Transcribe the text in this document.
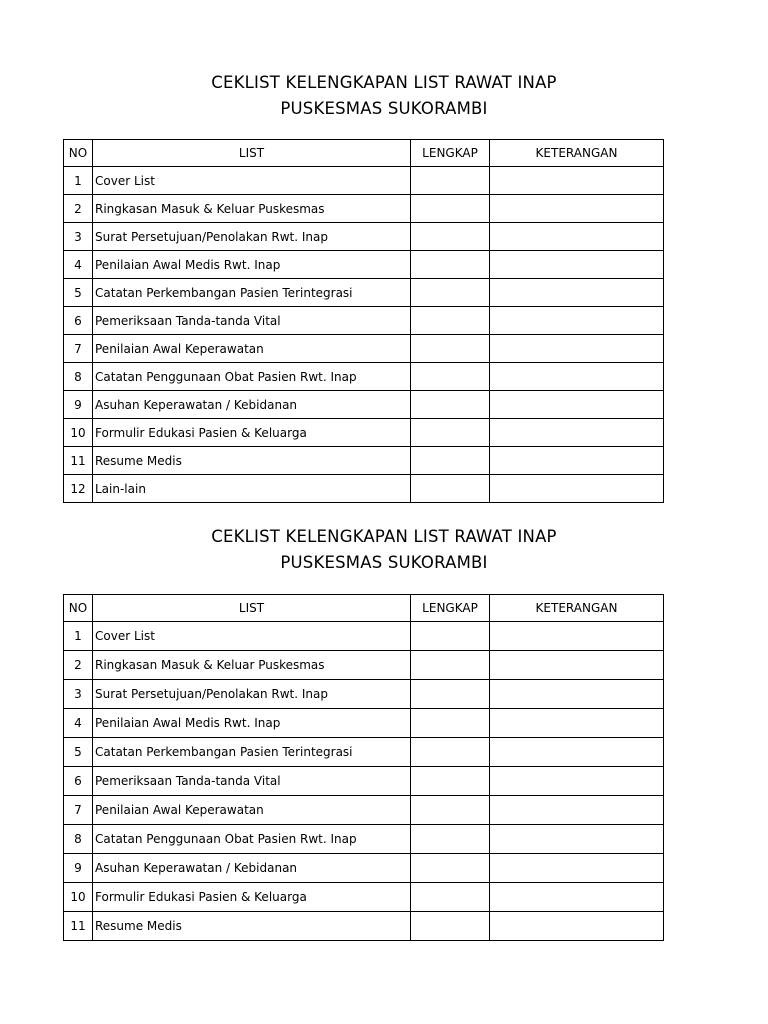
CEKLIST KELENGKAPAN LIST RAWAT INAP
PUSKESMAS SUKORAMBI
NO	LIST	LENGKAP	KETERANGAN
1	Cover List		
2	Ringkasan Masuk & Keluar Puskesmas		
3	Surat Persetujuan/Penolakan Rwt. Inap		
4	Penilaian Awal Medis Rwt. Inap		
5	Catatan Perkembangan Pasien Terintegrasi		
6	Pemeriksaan Tanda-tanda Vital		
7	Penilaian Awal Keperawatan		
8	Catatan Penggunaan Obat Pasien Rwt. Inap		
9	Asuhan Keperawatan / Kebidanan		
10	Formulir Edukasi Pasien & Keluarga		
11	Resume Medis		
12	Lain-lain		
CEKLIST KELENGKAPAN LIST RAWAT INAP
PUSKESMAS SUKORAMBI
NO	LIST	LENGKAP	KETERANGAN
1	Cover List		
2	Ringkasan Masuk & Keluar Puskesmas		
3	Surat Persetujuan/Penolakan Rwt. Inap		
4	Penilaian Awal Medis Rwt. Inap		
5	Catatan Perkembangan Pasien Terintegrasi		
6	Pemeriksaan Tanda-tanda Vital		
7	Penilaian Awal Keperawatan		
8	Catatan Penggunaan Obat Pasien Rwt. Inap		
9	Asuhan Keperawatan / Kebidanan		
10	Formulir Edukasi Pasien & Keluarga		
11	Resume Medis		
